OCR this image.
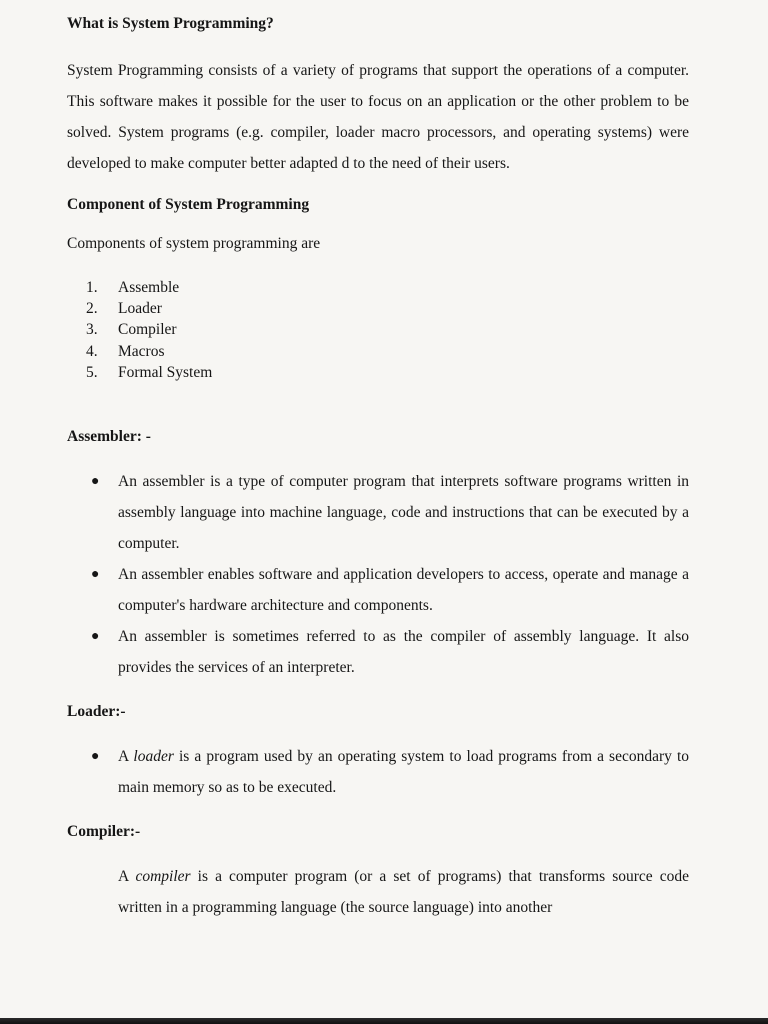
What is System Programming?

System Programming consists of a variety of programs that support the operations of a computer. This software makes it possible for the user to focus on an application or the other problem to be solved. System programs (e.g. compiler, loader macro processors, and operating systems) were developed to make computer better adapted d to the need of their users.

Component of System Programming

Components of system programming are

1. Assemble
2. Loader
3. Compiler
4. Macros
5. Formal System

Assembler: -

● An assembler is a type of computer program that interprets software programs written in assembly language into machine language, code and instructions that can be executed by a computer.
● An assembler enables software and application developers to access, operate and manage a computer's hardware architecture and components.
● An assembler is sometimes referred to as the compiler of assembly language. It also provides the services of an interpreter.

Loader:-

● A loader is a program used by an operating system to load programs from a secondary to main memory so as to be executed.

Compiler:-

A compiler is a computer program (or a set of programs) that transforms source code written in a programming language (the source language) into another
